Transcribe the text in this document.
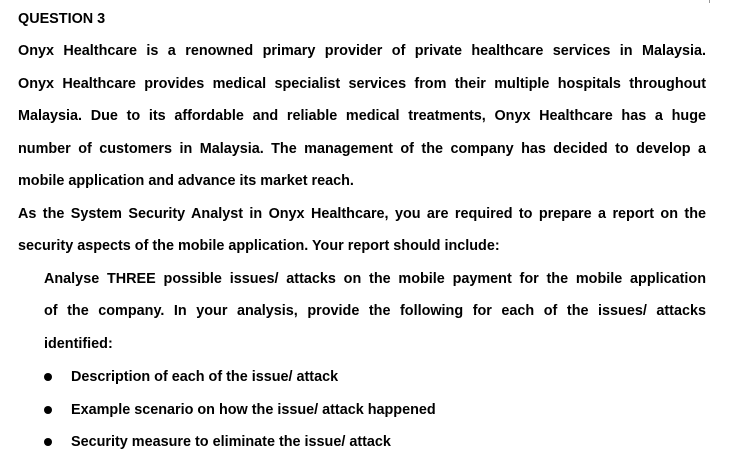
QUESTION 3
Onyx Healthcare is a renowned primary provider of private healthcare services in Malaysia.
Onyx Healthcare provides medical specialist services from their multiple hospitals throughout
Malaysia. Due to its affordable and reliable medical treatments, Onyx Healthcare has a huge
number of customers in Malaysia. The management of the company has decided to develop a
mobile application and advance its market reach.
As the System Security Analyst in Onyx Healthcare, you are required to prepare a report on the
security aspects of the mobile application. Your report should include:
Analyse THREE possible issues/ attacks on the mobile payment for the mobile application
of the company. In your analysis, provide the following for each of the issues/ attacks
identified:
Description of each of the issue/ attack
Example scenario on how the issue/ attack happened
Security measure to eliminate the issue/ attack
